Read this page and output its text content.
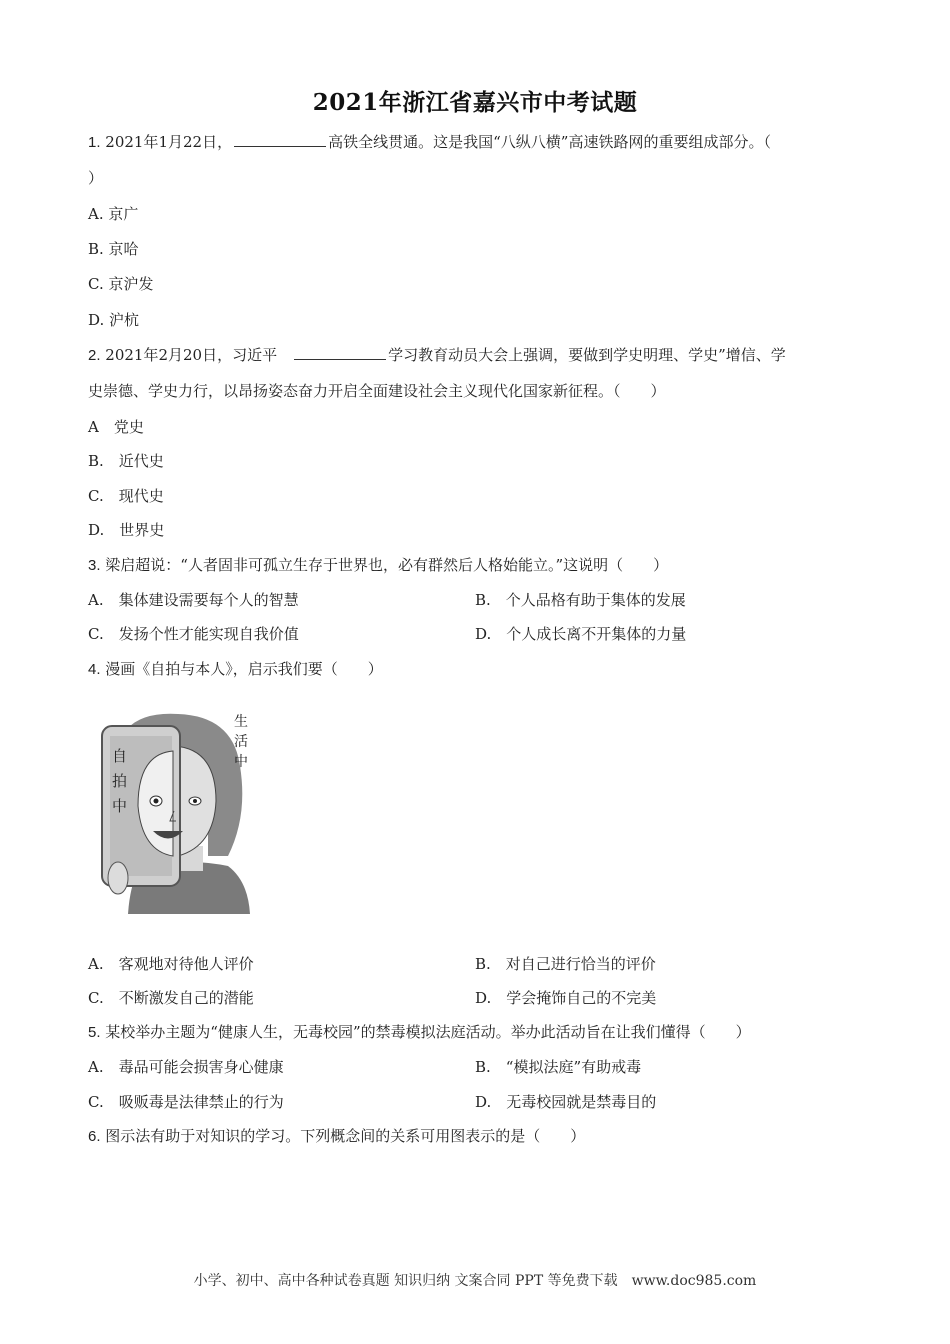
2021年浙江省嘉兴市中考试题
1. 2021年1月22日，	高铁全线贯通。这是我国“八纵八横”高速铁路网的重要组成部分。（
）
A. 京广
B. 京哈
C. 京沪发
D. 沪杭
2. 2021年2月20日，习近平　	学习教育动员大会上强调，要做到学史明理、学史”增信、学
史崇德、学史力行，以昂扬姿态奋力开启全面建设社会主义现代化国家新征程。（　　）
A　党史
B.　近代史
C.　现代史
D.　世界史
3. 梁启超说：“人者固非可孤立生存于世界也，必有群然后人格始能立。”这说明（　　）
A.　集体建设需要每个人的智慧	B.　个人品格有助于集体的发展
C.　发扬个性才能实现自我价值	D.　个人成长离不开集体的力量
4. 漫画《自拍与本人》，启示我们要（　　）
自
拍
中
生
活
中
A.　客观地对待他人评价	B.　对自己进行恰当的评价
C.　不断激发自己的潜能	D.　学会掩饰自己的不完美
5. 某校举办主题为“健康人生，无毒校园”的禁毒模拟法庭活动。举办此活动旨在让我们懂得（　　）
A.　毒品可能会损害身心健康	B.　“模拟法庭”有助戒毒
C.　吸贩毒是法律禁止的行为	D.　无毒校园就是禁毒目的
6. 图示法有助于对知识的学习。下列概念间的关系可用图表示的是（　　）
小学、初中、高中各种试卷真题 知识归纳 文案合同 PPT 等免费下载　www.doc985.com
